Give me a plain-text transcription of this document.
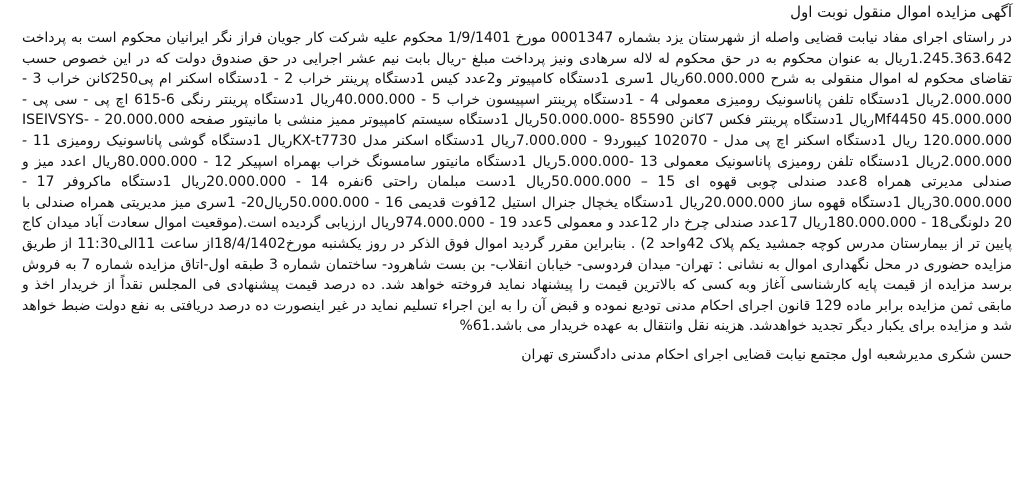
آگهی مزایده اموال منقول نوبت اول

در راستای اجرای مفاد نیابت قضایی واصله از شهرستان یزد بشماره 0001347 مورخ 1/9/1401 محکوم علیه شرکت کار جویان فراز نگر ایرانیان محکوم است به پرداخت 1.245.363.642ریال به عنوان محکوم به در حق محکوم له لاله سرهادی ونیز پرداخت مبلغ -ریال بابت نیم عشر اجرایی در حق صندوق دولت که در این خصوص حسب تقاضای محکوم له اموال منقولی به شرح 60.000.000ریال 1سری 1دستگاه کامپیوتر و2عدد کیس 1دستگاه پرینتر خراب 2 - 1دستگاه اسکنر ام پی250کانن خراب 3 - 2.000.000ریال 1دستگاه تلفن پاناسونیک رومیزی معمولی 4 - 1دستگاه پرینتر اسپیسون خراب 5 - 40.000.000ریال 1دستگاه پرینتر رنگی 6-615 اچ پی - سی پی - Mf4450 45.000.000ریال 1دستگاه پرینتر فکس 7کانن 85590 -50.000.000ریال 1دستگاه سیستم کامپیوتر ممیز منشی با مانیتور صفحه 20.000.000 - ISEIVSYS- 120.000.000 ریال 1دستگاه اسکنر اچ پی مدل - 102070 کیبورد9 - 7.000.000ریال 1دستگاه اسکنر مدل KX-t7730ریال 1دستگاه گوشی پاناسونیک رومیزی 11 - 2.000.000ریال 1دستگاه تلفن رومیزی پاناسونیک معمولی 13 -5.000.000ریال 1دستگاه مانیتور سامسونگ خراب بهمراه اسپیکر 12 - 80.000.000ریال اعدد میز و صندلی مدیرتی همراه 8عدد صندلی چوبی قهوه ای 15 – 50.000.000ریال 1دست مبلمان راحتی 6نفره 14 - 20.000.000ریال 1دستگاه ماکروفر 17 - 30.000.000ریال 1دستگاه قهوه ساز 20.000.000ریال 1دستگاه یخچال جنرال استیل 12فوت قدیمی 16 - 50.000.000ریال20- 1سری میز مدیریتی همراه صندلی با 20 دلونگی18 - 180.000.000ریال 17عدد صندلی چرخ دار 12عدد و معمولی 5عدد 19 - 974.000.000ریال ارزیابی گردیده است.(موقعیت اموال سعادت آباد میدان کاج پایین تر از بیمارستان مدرس کوچه جمشید یکم پلاک 42واحد 2) . بنابراین مقرر گردید اموال فوق الذکر در روز یکشنبه مورخ18/4/1402از ساعت 11الی11:30 از طریق مزایده حضوری در محل نگهداری اموال به نشانی : تهران- میدان فردوسی- خیابان انقلاب- بن بست شاهرود- ساختمان شماره 3 طبقه اول-اتاق مزایده شماره 7 به فروش برسد مزایده از قیمت پایه کارشناسی آغاز وبه کسی که بالاترین قیمت را پیشنهاد نماید فروخته خواهد شد. ده درصد قیمت پیشنهادی فی المجلس نقداً از خریدار اخذ و مابقی ثمن مزایده برابر ماده 129 قانون اجرای احکام مدنی تودیع نموده و قبض آن را به این اجراء تسلیم نماید در غیر اینصورت ده درصد دریافتی به نفع دولت ضبط خواهد شد و مزایده برای یکبار دیگر تجدید خواهدشد. هزینه نقل وانتقال به عهده خریدار می باشد.61%

حسن شکری مدیرشعبه اول مجتمع نیابت قضایی اجرای احکام مدنی دادگستری تهران
